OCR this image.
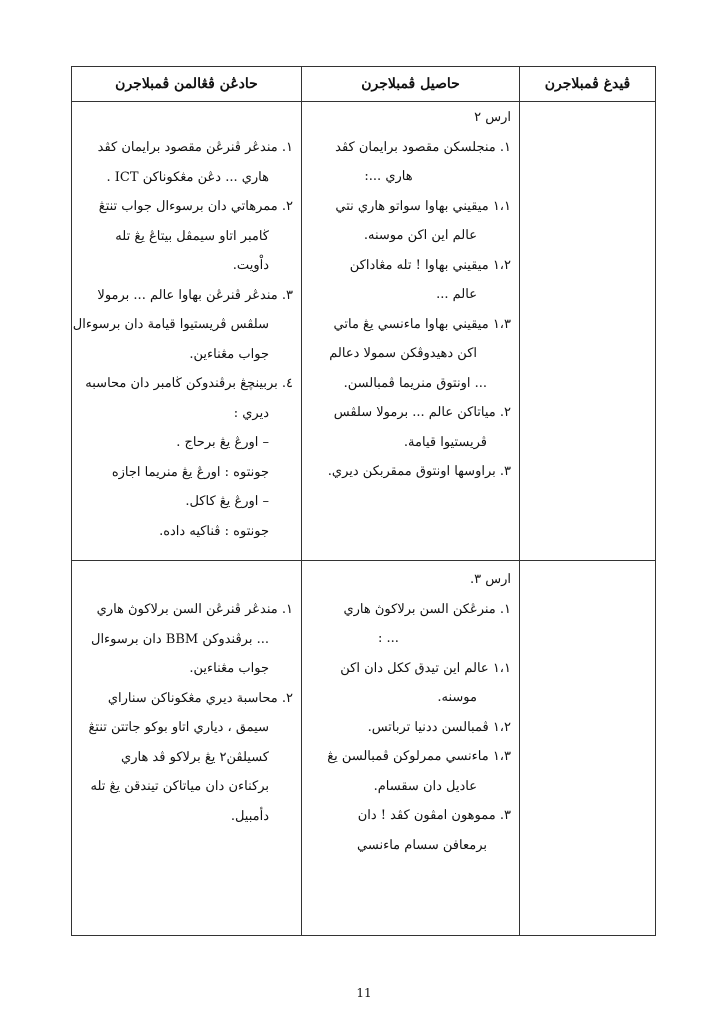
ڤيدغ ڤمبلاجرن
حاصيل ڤمبلاجرن
حادڠن ڤڠالمن ڤمبلاجرن
ارس ٢
١. منجلسکن مقصود برايمان کڤد
هاري ...:
١،١ ميقيني بهاوا سواتو هاري نتي
عالم اين اکن موسنه.
١،٢ ميقيني بهاوا ! تله مڠاداکن
عالم ...
١،٣ ميقيني بهاوا ماءنسي يڠ ماتي
اکن دهيدوڤکن سمولا دعالم
... اونتوق منريما ڤمبالسن.
٢. مياتاکن عالم ... برمولا سلڤس
ڤريستيوا قيامة.
٣. براوسها اونتوق ممقربکن ديري.
١. مندڠر ڤنرڠن مقصود برايمان کڤد
هاري ... دڠن مڠکوناکن ICT .
٢. ممرهاتي دان برسوءال جواب تنتڠ
ڬامبر اتاو سيمڤل بيتاڠ يڠ تله
داْويت.
٣. مندڠر ڤنرڠن بهاوا عالم ... برمولا
سلڤس ڤريستيوا قيامة دان برسوءال
جواب مڠناءين.
٤. بربينچڠ برڤندوکن ڬامبر دان محاسبه
ديري :
– اورڠ يڠ برحاج .
جونتوه : اورڠ يڠ منريما اجازه
– اورڠ يڠ کاکل.
جونتوه : ڤناکيه داده.
ارس ٣.
١. منرڠکن السن برلاکوڽ هاري
... :
١،١ عالم اين تيدق ککل دان اکن
موسنه.
١،٢ ڤمبالسن ددنيا ترباتس.
١،٣ ماءنسي ممرلوکن ڤمبالسن يڠ
عاديل دان سقسام.
٣. مموهون امڤون کڤد ! دان
برمعافن سسام ماءنسي
١. مندڠر ڤنرڠن السن برلاکوڽ هاري
... برڤندوکن BBM دان برسوءال
جواب مڠناءين.
٢. محاسبة ديري مڠکوناکن سناراي
سيمق ، دياري اتاو بوکو جاتتن تنتڠ
کسيلڤن٢ يڠ برلاکو ڤد هاري
برکناءن دان مياتاکن تيندقن يڠ تله
دأمبيل.
11
